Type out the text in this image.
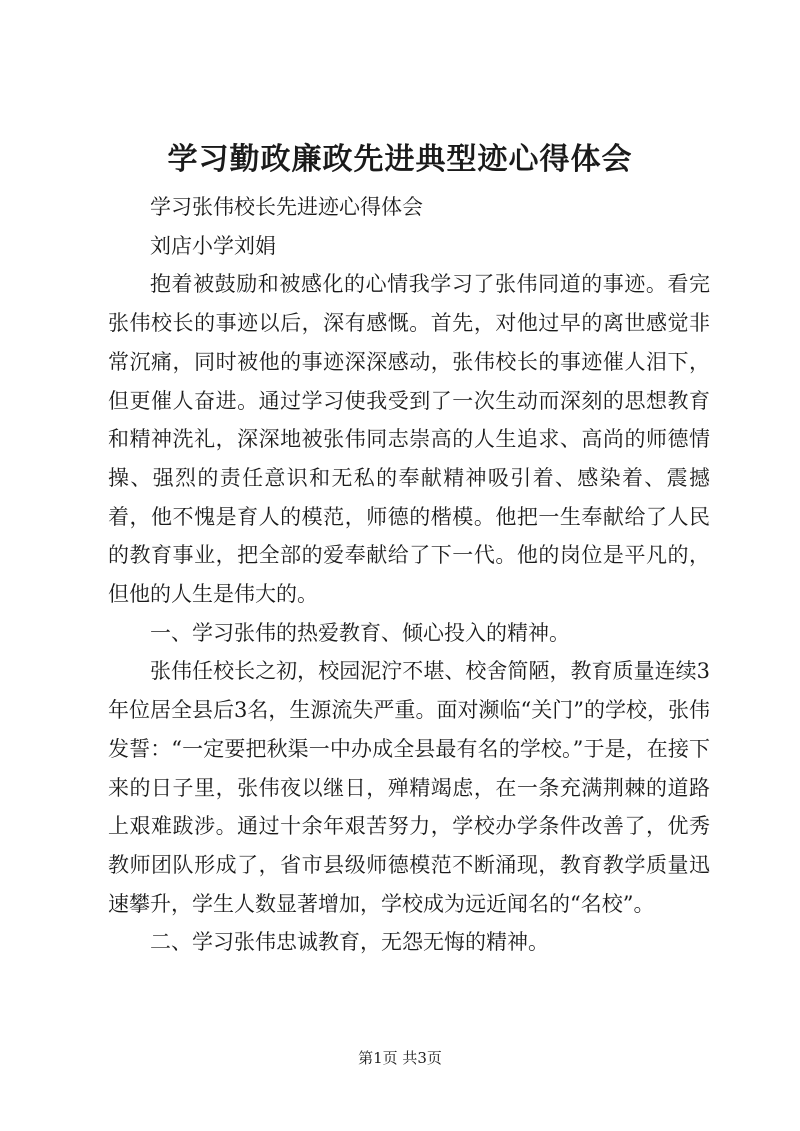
学习勤政廉政先进典型迹心得体会

学习张伟校长先进迹心得体会

刘店小学刘娟

抱着被鼓励和被感化的心情我学习了张伟同道的事迹。看完张伟校长的事迹以后，深有感慨。首先，对他过早的离世感觉非常沉痛，同时被他的事迹深深感动，张伟校长的事迹催人泪下，但更催人奋进。通过学习使我受到了一次生动而深刻的思想教育和精神洗礼，深深地被张伟同志崇高的人生追求、高尚的师德情操、强烈的责任意识和无私的奉献精神吸引着、感染着、震撼着，他不愧是育人的模范，师德的楷模。他把一生奉献给了人民的教育事业，把全部的爱奉献给了下一代。他的岗位是平凡的，但他的人生是伟大的。

一、学习张伟的热爱教育、倾心投入的精神。

张伟任校长之初，校园泥泞不堪、校舍简陋，教育质量连续3年位居全县后3名，生源流失严重。面对濒临“关门”的学校，张伟发誓：“一定要把秋渠一中办成全县最有名的学校。”于是，在接下来的日子里，张伟夜以继日，殚精竭虑，在一条充满荆棘的道路上艰难跋涉。通过十余年艰苦努力，学校办学条件改善了，优秀教师团队形成了，省市县级师德模范不断涌现，教育教学质量迅速攀升，学生人数显著增加，学校成为远近闻名的“名校”。

二、学习张伟忠诚教育，无怨无悔的精神。

第1页 共3页
